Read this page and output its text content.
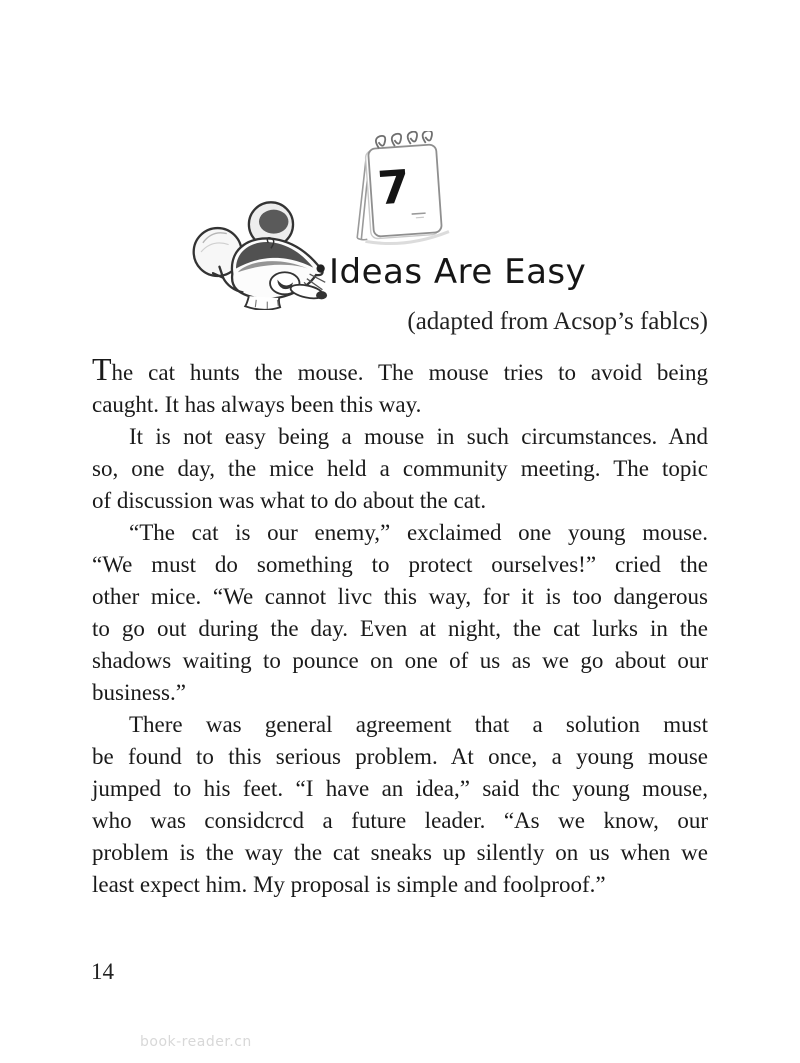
7
Ideas Are Easy
(adapted from Acsop’s fablcs)
The cat hunts the mouse. The mouse tries to avoid being
caught. It has always been this way.
It is not easy being a mouse in such circumstances. And
so, one day, the mice held a community meeting. The topic
of discussion was what to do about the cat.
“The cat is our enemy,” exclaimed one young mouse.
“We must do something to protect ourselves!” cried the
other mice. “We cannot livc this way, for it is too dangerous
to go out during the day. Even at night, the cat lurks in the
shadows waiting to pounce on one of us as we go about our
business.”
There was general agreement that a solution must
be found to this serious problem. At once, a young mouse
jumped to his feet. “I have an idea,” said thc young mouse,
who was considcrcd a future leader. “As we know, our
problem is the way the cat sneaks up silently on us when we
least expect him. My proposal is simple and foolproof.”
14
book-reader.cn
